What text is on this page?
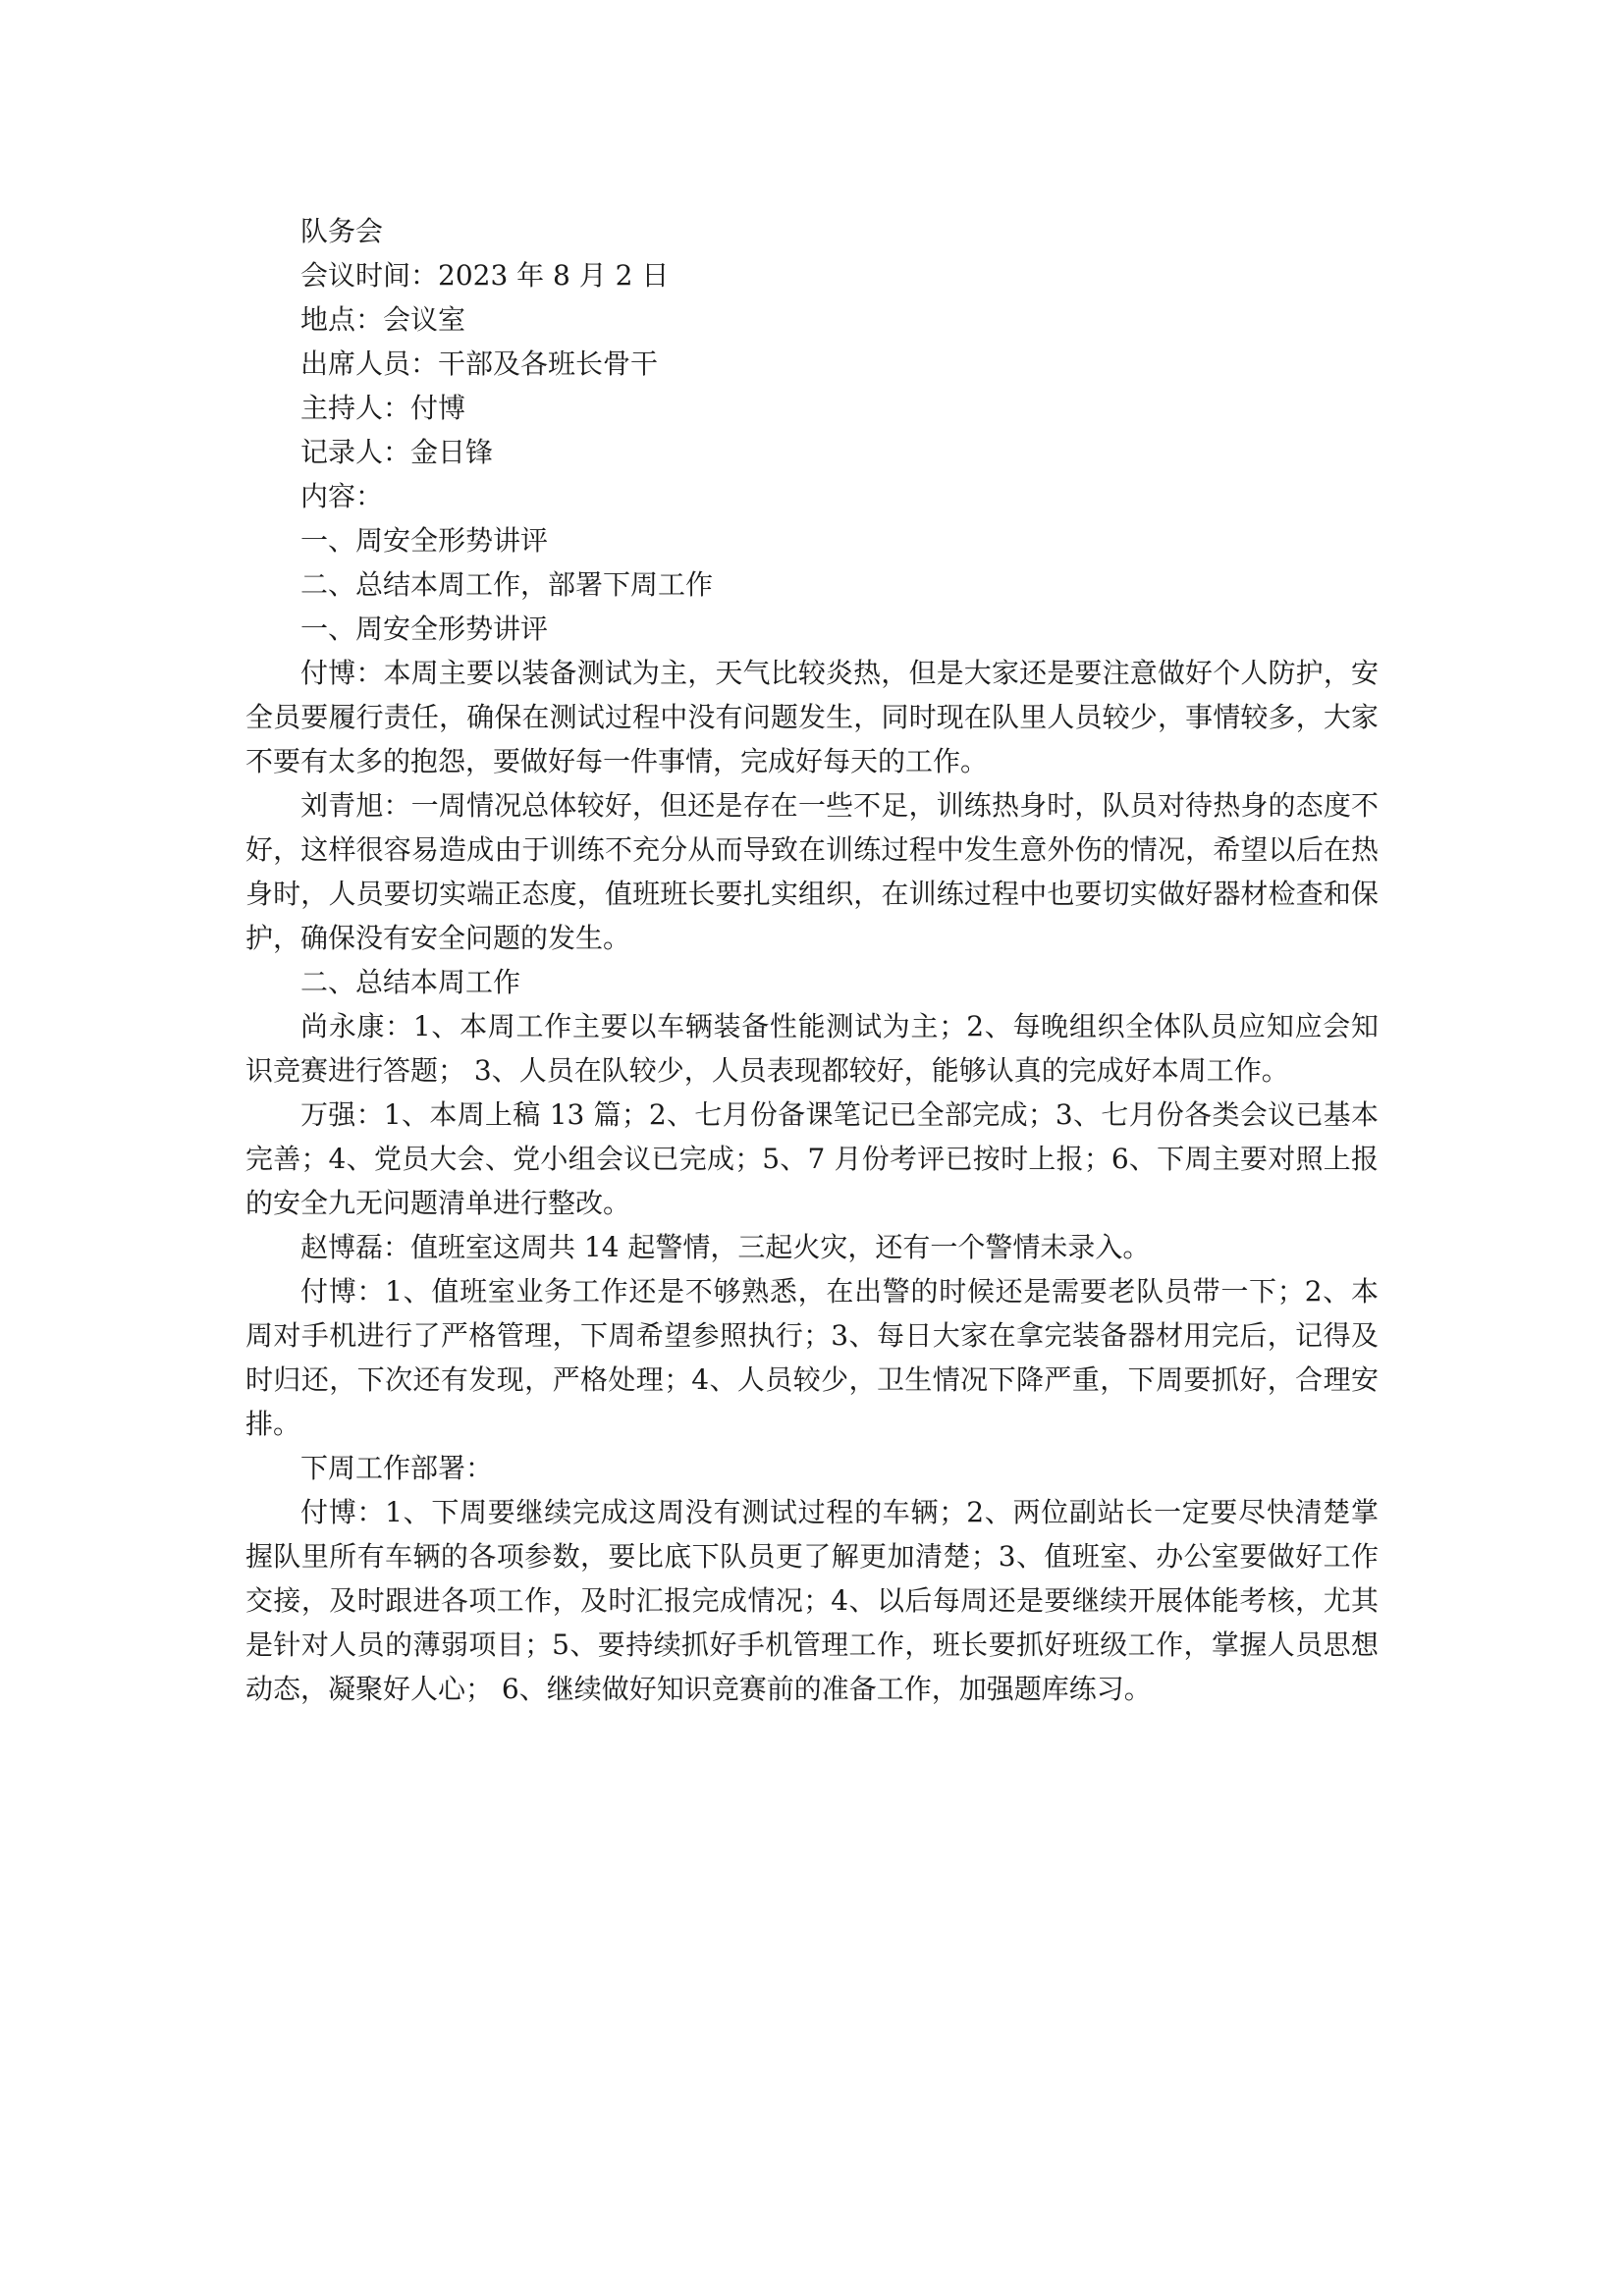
队务会

会议时间：2023 年 8 月 2 日

地点：会议室

出席人员：干部及各班长骨干

主持人：付博

记录人：金日锋

内容：

一、周安全形势讲评

二、总结本周工作，部署下周工作

一、周安全形势讲评

付博：本周主要以装备测试为主，天气比较炎热，但是大家还是要注意做好个人防护，安全员要履行责任，确保在测试过程中没有问题发生，同时现在队里人员较少，事情较多，大家不要有太多的抱怨，要做好每一件事情，完成好每天的工作。

刘青旭：一周情况总体较好，但还是存在一些不足，训练热身时，队员对待热身的态度不好，这样很容易造成由于训练不充分从而导致在训练过程中发生意外伤的情况，希望以后在热身时，人员要切实端正态度，值班班长要扎实组织，在训练过程中也要切实做好器材检查和保护，确保没有安全问题的发生。

二、总结本周工作

尚永康：1、本周工作主要以车辆装备性能测试为主；2、每晚组织全体队员应知应会知识竞赛进行答题； 3、人员在队较少，人员表现都较好，能够认真的完成好本周工作。

万强：1、本周上稿 13 篇；2、七月份备课笔记已全部完成；3、七月份各类会议已基本完善；4、党员大会、党小组会议已完成；5、7 月份考评已按时上报；6、下周主要对照上报的安全九无问题清单进行整改。

赵博磊：值班室这周共 14 起警情，三起火灾，还有一个警情未录入。

付博：1、值班室业务工作还是不够熟悉，在出警的时候还是需要老队员带一下；2、本周对手机进行了严格管理，下周希望参照执行；3、每日大家在拿完装备器材用完后，记得及时归还，下次还有发现，严格处理；4、人员较少，卫生情况下降严重，下周要抓好，合理安排。

下周工作部署：

付博：1、下周要继续完成这周没有测试过程的车辆；2、两位副站长一定要尽快清楚掌握队里所有车辆的各项参数，要比底下队员更了解更加清楚；3、值班室、办公室要做好工作交接，及时跟进各项工作，及时汇报完成情况；4、以后每周还是要继续开展体能考核，尤其是针对人员的薄弱项目；5、要持续抓好手机管理工作，班长要抓好班级工作，掌握人员思想动态，凝聚好人心； 6、继续做好知识竞赛前的准备工作，加强题库练习。
